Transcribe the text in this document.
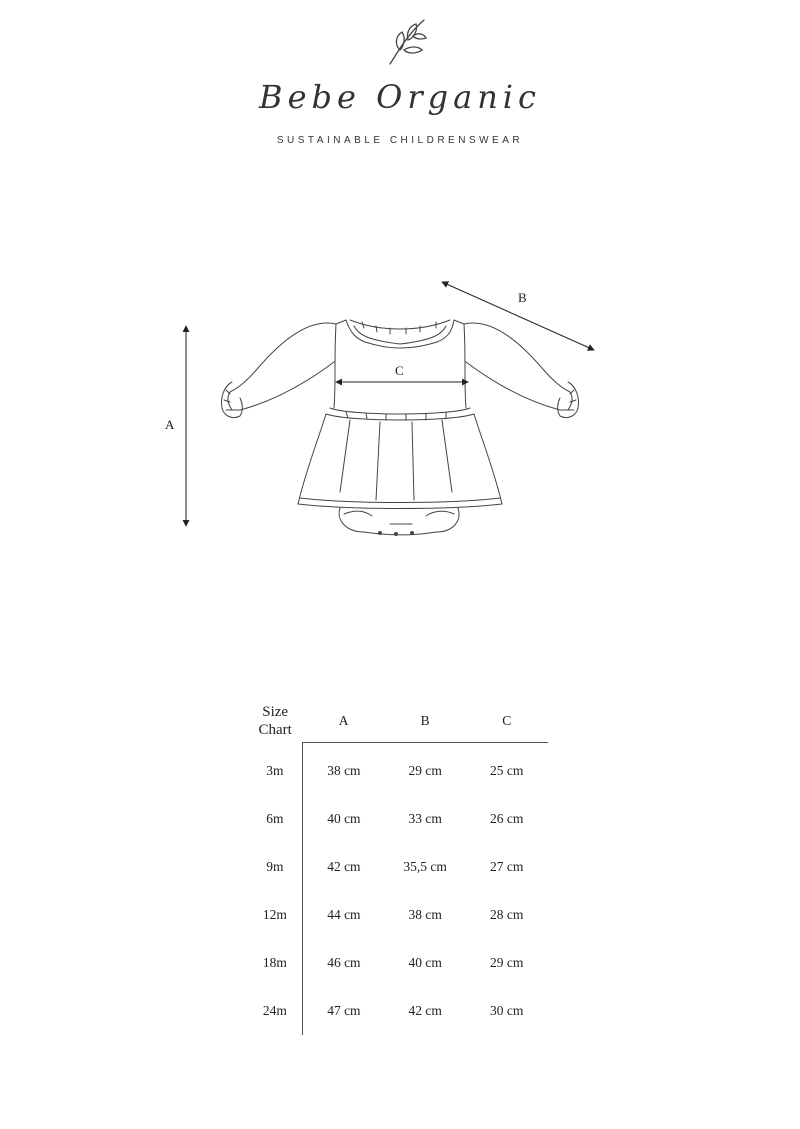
Bebe Organic
SUSTAINABLE CHILDRENSWEAR
A
B
C
Size
Chart	A	B	C
3m	38 cm	29 cm	25 cm
6m	40 cm	33 cm	26 cm
9m	42 cm	35,5 cm	27 cm
12m	44 cm	38 cm	28 cm
18m	46 cm	40 cm	29 cm
24m	47 cm	42 cm	30 cm
